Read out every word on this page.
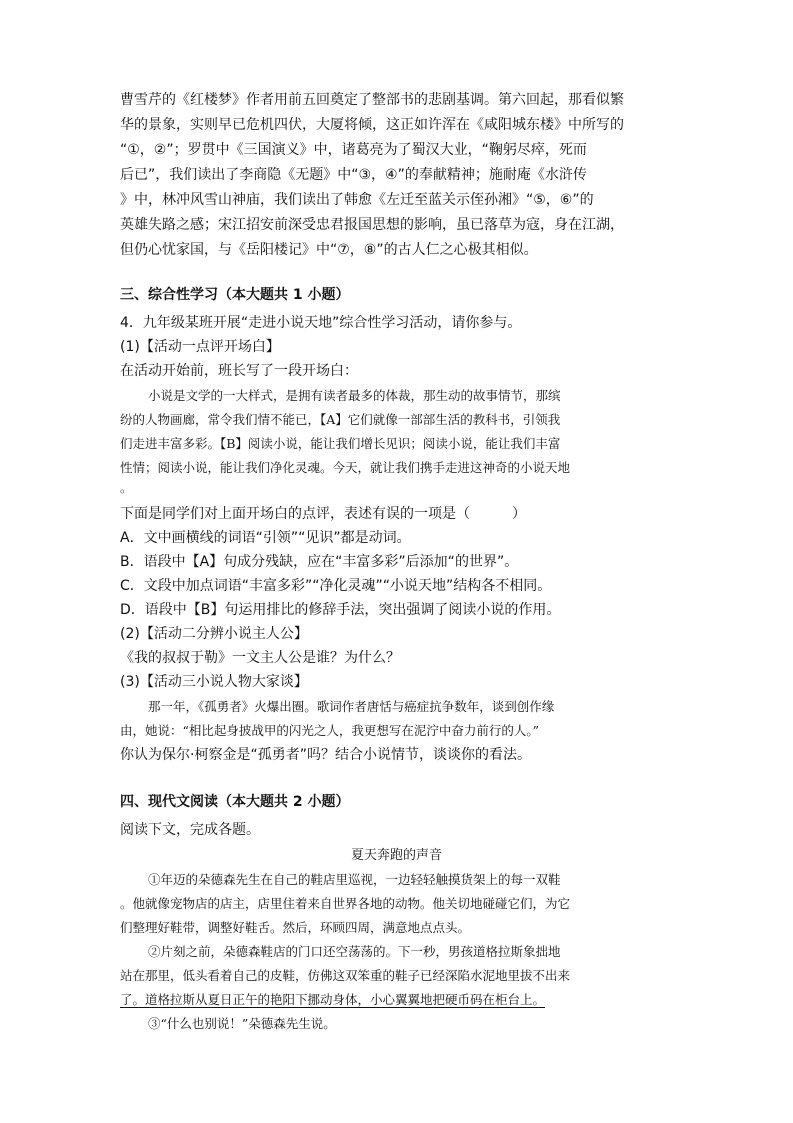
曹雪芹的《红楼梦》作者用前五回奠定了整部书的悲剧基调。第六回起，那看似繁
华的景象，实则早已危机四伏，大厦将倾，这正如许浑在《咸阳城东楼》中所写的
“①，②”；罗贯中《三国演义》中，诸葛亮为了蜀汉大业，“鞠躬尽瘁，死而
后已”，我们读出了李商隐《无题》中“③，④”的奉献精神；施耐庵《水浒传
》中，林冲风雪山神庙，我们读出了韩愈《左迁至蓝关示侄孙湘》“⑤，⑥”的
英雄失路之感；宋江招安前深受忠君报国思想的影响，虽已落草为寇，身在江湖，
但仍心忧家国，与《岳阳楼记》中“⑦，⑧”的古人仁之心极其相似。
三、综合性学习（本大题共 1 小题）
4．九年级某班开展“走进小说天地”综合性学习活动，请你参与。
(1)【活动一点评开场白】
在活动开始前，班长写了一段开场白：
小说是文学的一大样式，是拥有读者最多的体裁，那生动的故事情节，那缤
纷的人物画廊，常令我们情不能已，【A】它们就像一部部生活的教科书，引领我
们走进丰富多彩。【B】阅读小说，能让我们增长见识；阅读小说，能让我们丰富
性情；阅读小说，能让我们净化灵魂。今天，就让我们携手走进这神奇的小说天地
。
下面是同学们对上面开场白的点评，表述有误的一项是（　　　）
A．文中画横线的词语“引领”“见识”都是动词。
B．语段中【A】句成分残缺，应在“丰富多彩”后添加“的世界”。
C．文段中加点词语“丰富多彩”“净化灵魂”“小说天地”结构各不相同。
D．语段中【B】句运用排比的修辞手法，突出强调了阅读小说的作用。
(2)【活动二分辨小说主人公】
《我的叔叔于勒》一文主人公是谁？为什么？
(3)【活动三小说人物大家谈】
那一年，《孤勇者》火爆出圈。歌词作者唐恬与癌症抗争数年，谈到创作缘
由，她说：“相比起身披战甲的闪光之人，我更想写在泥泞中奋力前行的人。”
你认为保尔·柯察金是“孤勇者”吗？结合小说情节，谈谈你的看法。
四、现代文阅读（本大题共 2 小题）
阅读下文，完成各题。
夏天奔跑的声音
①年迈的朵德森先生在自己的鞋店里巡视，一边轻轻触摸货架上的每一双鞋
。他就像宠物店的店主，店里住着来自世界各地的动物。他关切地碰碰它们，为它
们整理好鞋带，调整好鞋舌。然后，环顾四周，满意地点点头。
②片刻之前，朵德森鞋店的门口还空荡荡的。下一秒，男孩道格拉斯象拙地
站在那里，低头看着自己的皮鞋，仿佛这双笨重的鞋子已经深陷水泥地里拔不出来
了。道格拉斯从夏日正午的艳阳下挪动身体，小心翼翼地把硬币码在柜台上。
③“什么也别说！”朵德森先生说。
